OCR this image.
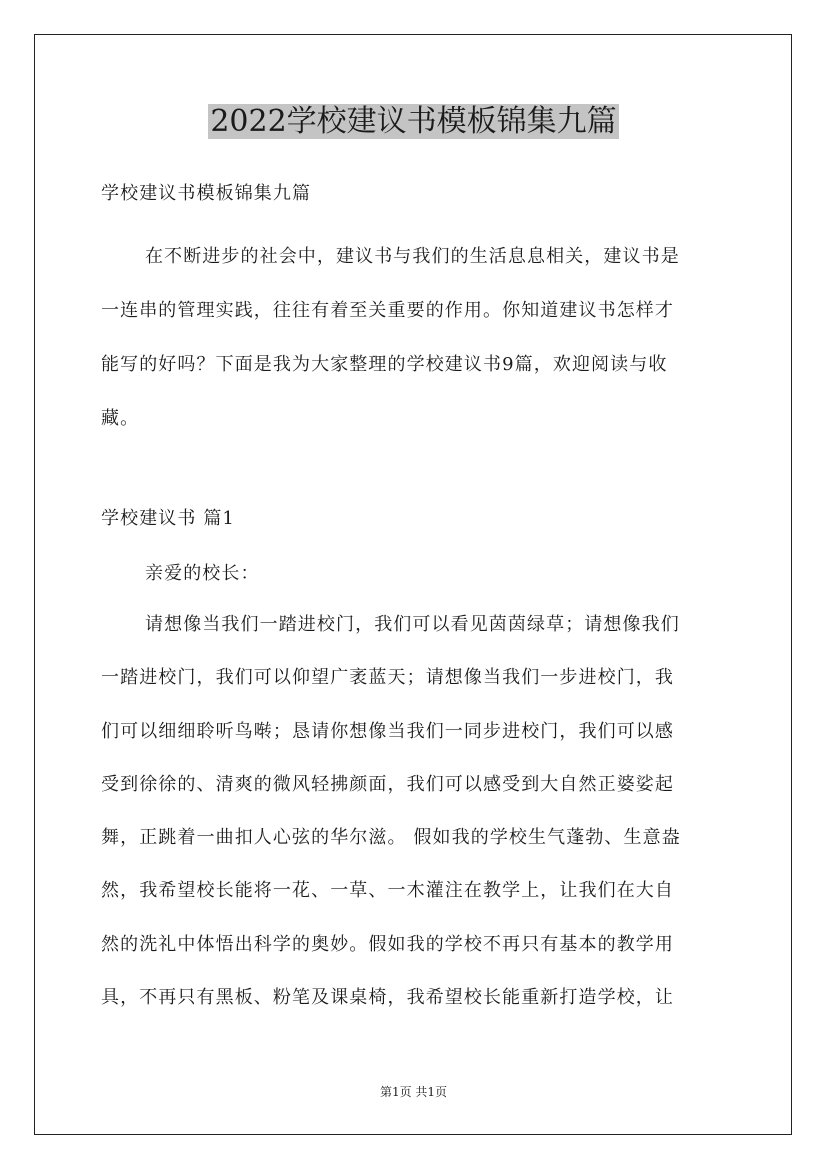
2022学校建议书模板锦集九篇

学校建议书模板锦集九篇

在不断进步的社会中，建议书与我们的生活息息相关，建议书是
一连串的管理实践，往往有着至关重要的作用。你知道建议书怎样才
能写的好吗？下面是我为大家整理的学校建议书9篇，欢迎阅读与收
藏。

学校建议书 篇1

亲爱的校长：

请想像当我们一踏进校门，我们可以看见茵茵绿草；请想像我们
一踏进校门，我们可以仰望广袤蓝天；请想像当我们一步进校门，我
们可以细细聆听鸟啭；恳请你想像当我们一同步进校门，我们可以感
受到徐徐的、清爽的微风轻拂颜面，我们可以感受到大自然正婆娑起
舞，正跳着一曲扣人心弦的华尔滋。 假如我的学校生气蓬勃、生意盎
然，我希望校长能将一花、一草、一木灌注在教学上，让我们在大自
然的洗礼中体悟出科学的奥妙。假如我的学校不再只有基本的教学用
具，不再只有黑板、粉笔及课桌椅，我希望校长能重新打造学校，让

第1页 共1页
